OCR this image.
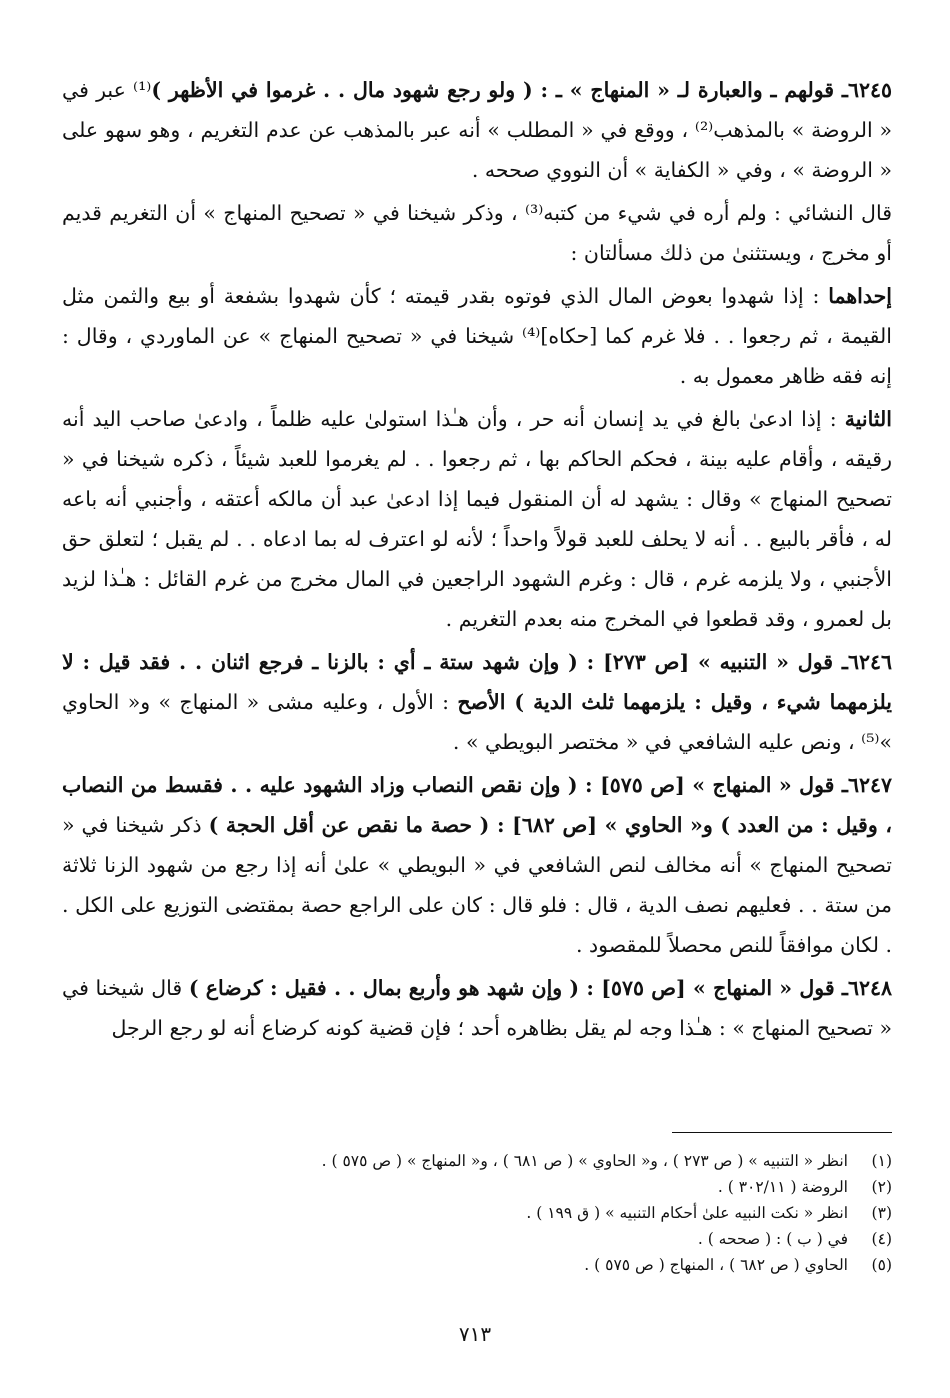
٦٢٤٥ـ قولهم ـ والعبارة لـ « المنهاج » ـ : ( ولو رجع شهود مال . . غرموا في الأظهر )⁽¹⁾ عبر في « الروضة » بالمذهب⁽²⁾ ، ووقع في « المطلب » أنه عبر بالمذهب عن عدم التغريم ، وهو سهو على « الروضة » ، وفي « الكفاية » أن النووي صححه .

قال النشائي : ولم أره في شيء من كتبه⁽³⁾ ، وذكر شيخنا في « تصحيح المنهاج » أن التغريم قديم أو مخرج ، ويستثنىٰ من ذلك مسألتان :

إحداهما : إذا شهدوا بعوض المال الذي فوتوه بقدر قيمته ؛ كأن شهدوا بشفعة أو بيع والثمن مثل القيمة ، ثم رجعوا . . فلا غرم كما [حكاه]⁽⁴⁾ شيخنا في « تصحيح المنهاج » عن الماوردي ، وقال : إنه فقه ظاهر معمول به .

الثانية : إذا ادعىٰ بالغ في يد إنسان أنه حر ، وأن هـٰذا استولىٰ عليه ظلماً ، وادعىٰ صاحب اليد أنه رقيقه ، وأقام عليه بينة ، فحكم الحاكم بها ، ثم رجعوا . . لم يغرموا للعبد شيئاً ، ذكره شيخنا في « تصحيح المنهاج » وقال : يشهد له أن المنقول فيما إذا ادعىٰ عبد أن مالكه أعتقه ، وأجنبي أنه باعه له ، فأقر بالبيع . . أنه لا يحلف للعبد قولاً واحداً ؛ لأنه لو اعترف له بما ادعاه . . لم يقبل ؛ لتعلق حق الأجنبي ، ولا يلزمه غرم ، قال : وغرم الشهود الراجعين في المال مخرج من غرم القائل : هـٰذا لزيد بل لعمرو ، وقد قطعوا في المخرج منه بعدم التغريم .

٦٢٤٦ـ قول « التنبيه » [ص ٢٧٣] : ( وإن شهد ستة ـ أي : بالزنا ـ فرجع اثنان . . فقد قيل : لا يلزمهما شيء ، وقيل : يلزمهما ثلث الدية ) الأصح : الأول ، وعليه مشى « المنهاج » و« الحاوي »⁽⁵⁾ ، ونص عليه الشافعي في « مختصر البويطي » .

٦٢٤٧ـ قول « المنهاج » [ص ٥٧٥] : ( وإن نقص النصاب وزاد الشهود عليه . . فقسط من النصاب ، وقيل : من العدد ) و« الحاوي » [ص ٦٨٢] : ( حصة ما نقص عن أقل الحجة ) ذكر شيخنا في « تصحيح المنهاج » أنه مخالف لنص الشافعي في « البويطي » علىٰ أنه إذا رجع من شهود الزنا ثلاثة من ستة . . فعليهم نصف الدية ، قال : فلو قال : كان على الراجع حصة بمقتضى التوزيع على الكل . . لكان موافقاً للنص محصلاً للمقصود .

٦٢٤٨ـ قول « المنهاج » [ص ٥٧٥] : ( وإن شهد هو وأربع بمال . . فقيل : كرضاع ) قال شيخنا في « تصحيح المنهاج » : هـٰذا وجه لم يقل بظاهره أحد ؛ فإن قضية كونه كرضاع أنه لو رجع الرجل

(١)
انظر « التنبيه » ( ص ٢٧٣ ) ، و« الحاوي » ( ص ٦٨١ ) ، و« المنهاج » ( ص ٥٧٥ ) .
(٢)
الروضة ( ٣٠٢/١١ ) .
(٣)
انظر « نكت النبيه علىٰ أحكام التنبيه » ( ق ١٩٩ ) .
(٤)
في ( ب ) : ( صححه ) .
(٥)
الحاوي ( ص ٦٨٢ ) ، المنهاج ( ص ٥٧٥ ) .
٧١٣
